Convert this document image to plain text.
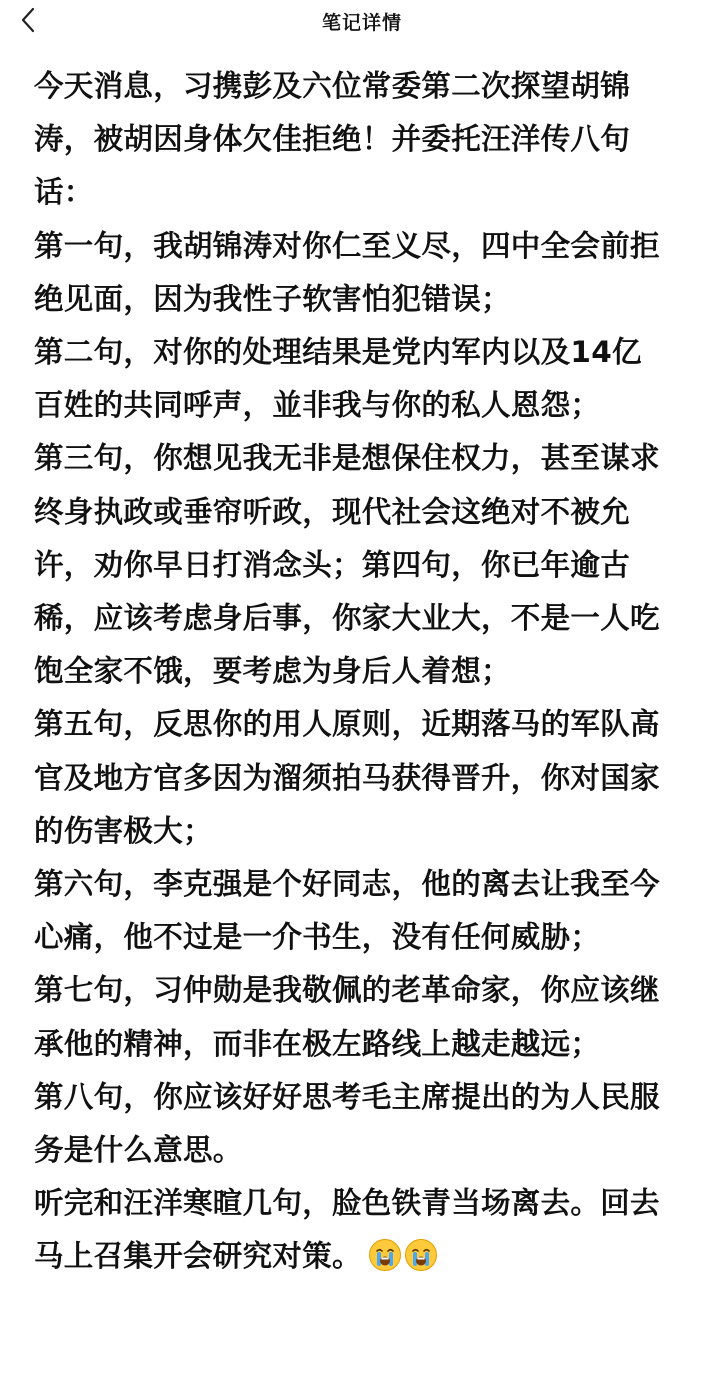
笔记详情
今天消息，习携彭及六位常委第二次探望胡锦
涛，被胡因身体欠佳拒绝！并委托汪洋传八句
话：
第一句，我胡锦涛对你仁至义尽，四中全会前拒
绝见面，因为我性子软害怕犯错误；
第二句，对你的处理结果是党内军内以及14亿
百姓的共同呼声，並非我与你的私人恩怨；
第三句，你想见我无非是想保住权力，甚至谋求
终身执政或垂帘听政，现代社会这绝对不被允
许，劝你早日打消念头；第四句，你已年逾古
稀，应该考虑身后事，你家大业大，不是一人吃
饱全家不饿，要考虑为身后人着想；
第五句，反思你的用人原则，近期落马的军队高
官及地方官多因为溜须拍马获得晋升，你对国家
的伤害极大；
第六句，李克强是个好同志，他的离去让我至今
心痛，他不过是一介书生，没有任何威胁；
第七句，习仲勋是我敬佩的老革命家，你应该继
承他的精神，而非在极左路线上越走越远；
第八句，你应该好好思考毛主席提出的为人民服
务是什么意思。
听完和汪洋寒暄几句，脸色铁青当场离去。回去
马上召集开会研究对策。
